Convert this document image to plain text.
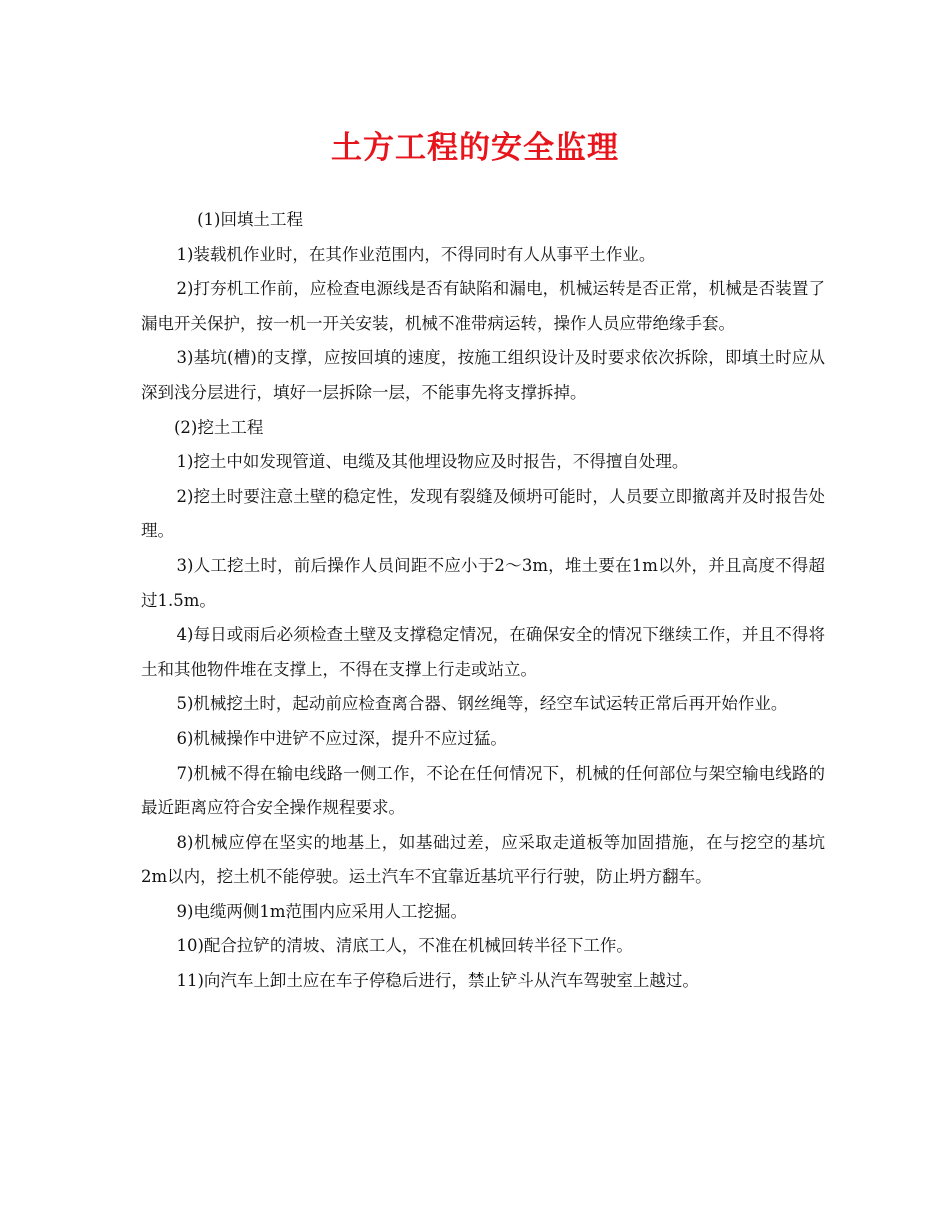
土方工程的安全监理

(1)回填土工程

1)装载机作业时，在其作业范围内，不得同时有人从事平土作业。

2)打夯机工作前，应检查电源线是否有缺陷和漏电，机械运转是否正常，机械是否装置了漏电开关保护，按一机一开关安装，机械不准带病运转，操作人员应带绝缘手套。

3)基坑(槽)的支撑，应按回填的速度，按施工组织设计及时要求依次拆除，即填土时应从深到浅分层进行，填好一层拆除一层，不能事先将支撑拆掉。

(2)挖土工程

1)挖土中如发现管道、电缆及其他埋设物应及时报告，不得擅自处理。

2)挖土时要注意土壁的稳定性，发现有裂缝及倾坍可能时，人员要立即撤离并及时报告处理。

3)人工挖土时，前后操作人员间距不应小于2～3m，堆土要在1m以外，并且高度不得超过1.5m。

4)每日或雨后必须检查土壁及支撑稳定情况，在确保安全的情况下继续工作，并且不得将土和其他物件堆在支撑上，不得在支撑上行走或站立。

5)机械挖土时，起动前应检查离合器、钢丝绳等，经空车试运转正常后再开始作业。

6)机械操作中进铲不应过深，提升不应过猛。

7)机械不得在输电线路一侧工作，不论在任何情况下，机械的任何部位与架空输电线路的最近距离应符合安全操作规程要求。

8)机械应停在坚实的地基上，如基础过差，应采取走道板等加固措施，在与挖空的基坑2m以内，挖土机不能停驶。运土汽车不宜靠近基坑平行行驶，防止坍方翻车。

9)电缆两侧1m范围内应采用人工挖掘。

10)配合拉铲的清坡、清底工人，不准在机械回转半径下工作。

11)向汽车上卸土应在车子停稳后进行，禁止铲斗从汽车驾驶室上越过。
